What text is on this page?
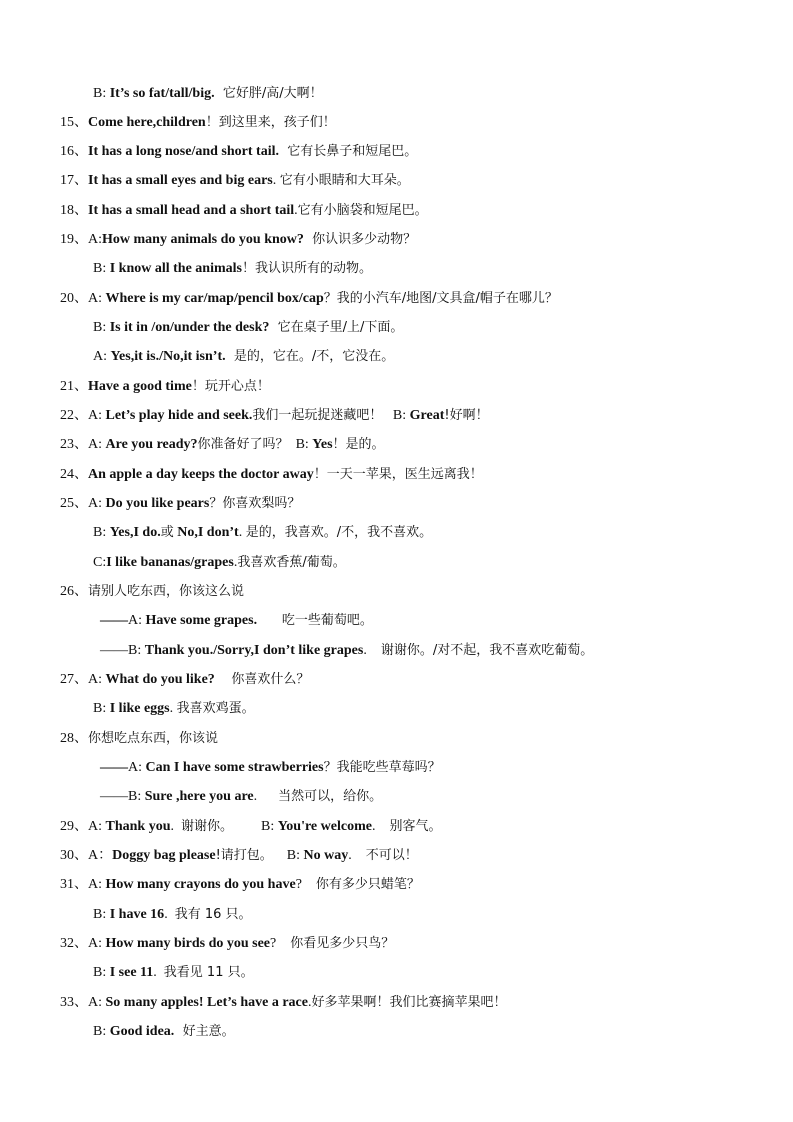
B: It’s so fat/tall/big.  它好胖/高/大啊！
15、Come here,children！到这里来，孩子们！
16、It has a long nose/and short tail.  它有长鼻子和短尾巴。
17、It has a small eyes and big ears. 它有小眼睛和大耳朵。
18、It has a small head and a short tail.它有小脑袋和短尾巴。
19、A:How many animals do you know?  你认识多少动物？
B: I know all the animals！我认识所有的动物。
20、A: Where is my car/map/pencil box/cap？我的小汽车/地图/文具盒/帽子在哪儿？
B: Is it in /on/under the desk?  它在桌子里/上/下面。
A: Yes,it is./No,it isn’t.  是的，它在。/不，它没在。
21、Have a good time！玩开心点！
22、A: Let’s play hide and seek.我们一起玩捉迷藏吧！   B: Great!好啊！
23、A: Are you ready?你准备好了吗？  B: Yes！是的。
24、An apple a day keeps the doctor away！一天一苹果，医生远离我！
25、A: Do you like pears？你喜欢梨吗？
B: Yes,I do.或 No,I don’t. 是的，我喜欢。/不，我不喜欢。
C:I like bananas/grapes.我喜欢香蕉/葡萄。
26、请别人吃东西，你该这么说
——A: Have some grapes.      吃一些葡萄吧。
——B: Thank you./Sorry,I don’t like grapes.    谢谢你。/对不起，我不喜欢吃葡萄。
27、A: What do you like?    你喜欢什么？
B: I like eggs. 我喜欢鸡蛋。
28、你想吃点东西，你该说
——A: Can I have some strawberries？我能吃些草莓吗？
——B: Sure ,here you are.      当然可以，给你。
29、A: Thank you.  谢谢你。        B: You're welcome.    别客气。
30、A：Doggy bag please!请打包。    B: No way.    不可以！
31、A: How many crayons do you have?    你有多少只蜡笔？
B: I have 16.  我有 16 只。
32、A: How many birds do you see?    你看见多少只鸟？
B: I see 11.  我看见 11 只。
33、A: So many apples! Let’s have a race.好多苹果啊！我们比赛摘苹果吧！
B: Good idea.  好主意。
